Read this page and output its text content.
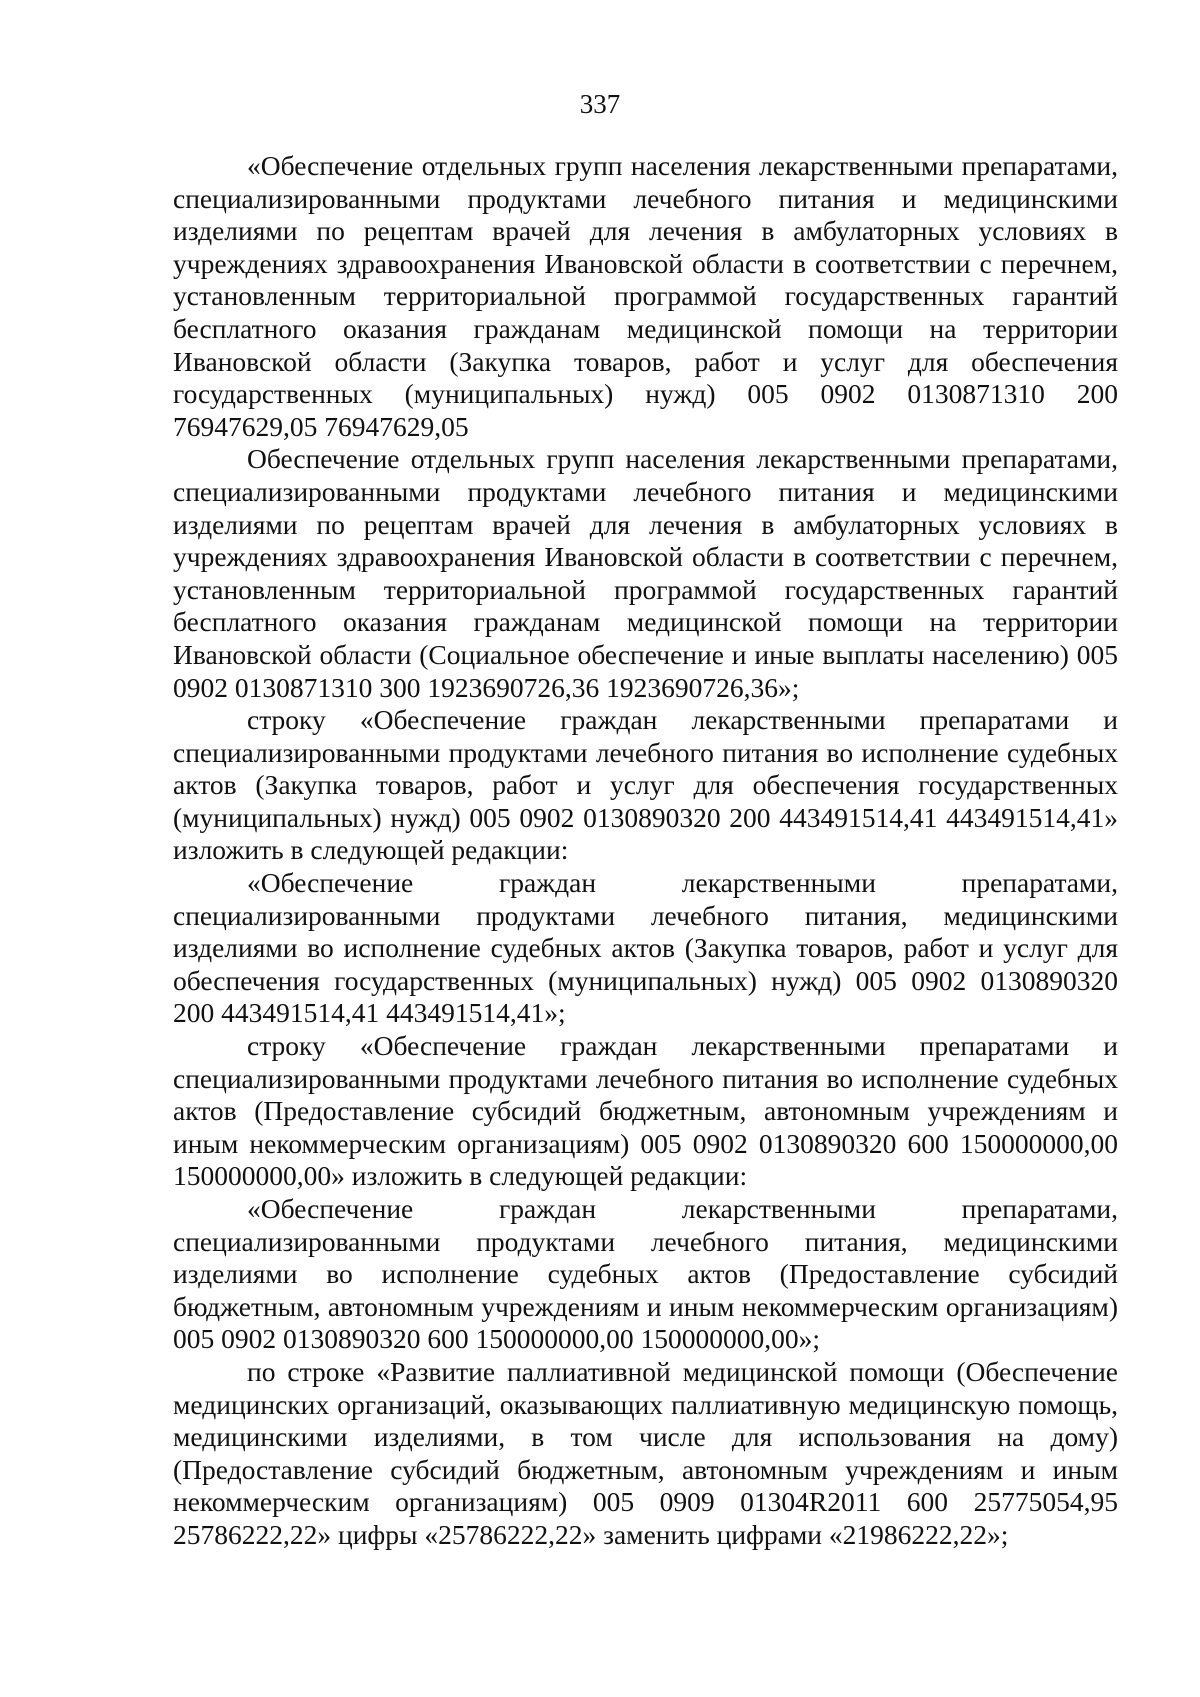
337

«Обеспечение отдельных групп населения лекарственными препаратами, специализированными продуктами лечебного питания и медицинскими изделиями по рецептам врачей для лечения в амбулаторных условиях в учреждениях здравоохранения Ивановской области в соответствии с перечнем, установленным территориальной программой государственных гарантий бесплатного оказания гражданам медицинской помощи на территории Ивановской области (Закупка товаров, работ и услуг для обеспечения государственных (муниципальных) нужд) 005 0902 0130871310 200 76947629,05 76947629,05

Обеспечение отдельных групп населения лекарственными препаратами, специализированными продуктами лечебного питания и медицинскими изделиями по рецептам врачей для лечения в амбулаторных условиях в учреждениях здравоохранения Ивановской области в соответствии с перечнем, установленным территориальной программой государственных гарантий бесплатного оказания гражданам медицинской помощи на территории Ивановской области (Социальное обеспечение и иные выплаты населению) 005 0902 0130871310 300 1923690726,36 1923690726,36»;

строку «Обеспечение граждан лекарственными препаратами и специализированными продуктами лечебного питания во исполнение судебных актов (Закупка товаров, работ и услуг для обеспечения государственных (муниципальных) нужд) 005 0902 0130890320 200 443491514,41 443491514,41» изложить в следующей редакции:

«Обеспечение граждан лекарственными препаратами, специализированными продуктами лечебного питания, медицинскими изделиями во исполнение судебных актов (Закупка товаров, работ и услуг для обеспечения государственных (муниципальных) нужд) 005 0902 0130890320 200 443491514,41 443491514,41»;

строку «Обеспечение граждан лекарственными препаратами и специализированными продуктами лечебного питания во исполнение судебных актов (Предоставление субсидий бюджетным, автономным учреждениям и иным некоммерческим организациям) 005 0902 0130890320 600 150000000,00 150000000,00» изложить в следующей редакции:

«Обеспечение граждан лекарственными препаратами, специализированными продуктами лечебного питания, медицинскими изделиями во исполнение судебных актов (Предоставление субсидий бюджетным, автономным учреждениям и иным некоммерческим организациям) 005 0902 0130890320 600 150000000,00 150000000,00»;

по строке «Развитие паллиативной медицинской помощи (Обеспечение медицинских организаций, оказывающих паллиативную медицинскую помощь, медицинскими изделиями, в том числе для использования на дому) (Предоставление субсидий бюджетным, автономным учреждениям и иным некоммерческим организациям) 005 0909 01304R2011 600 25775054,95 25786222,22» цифры «25786222,22» заменить цифрами «21986222,22»;
